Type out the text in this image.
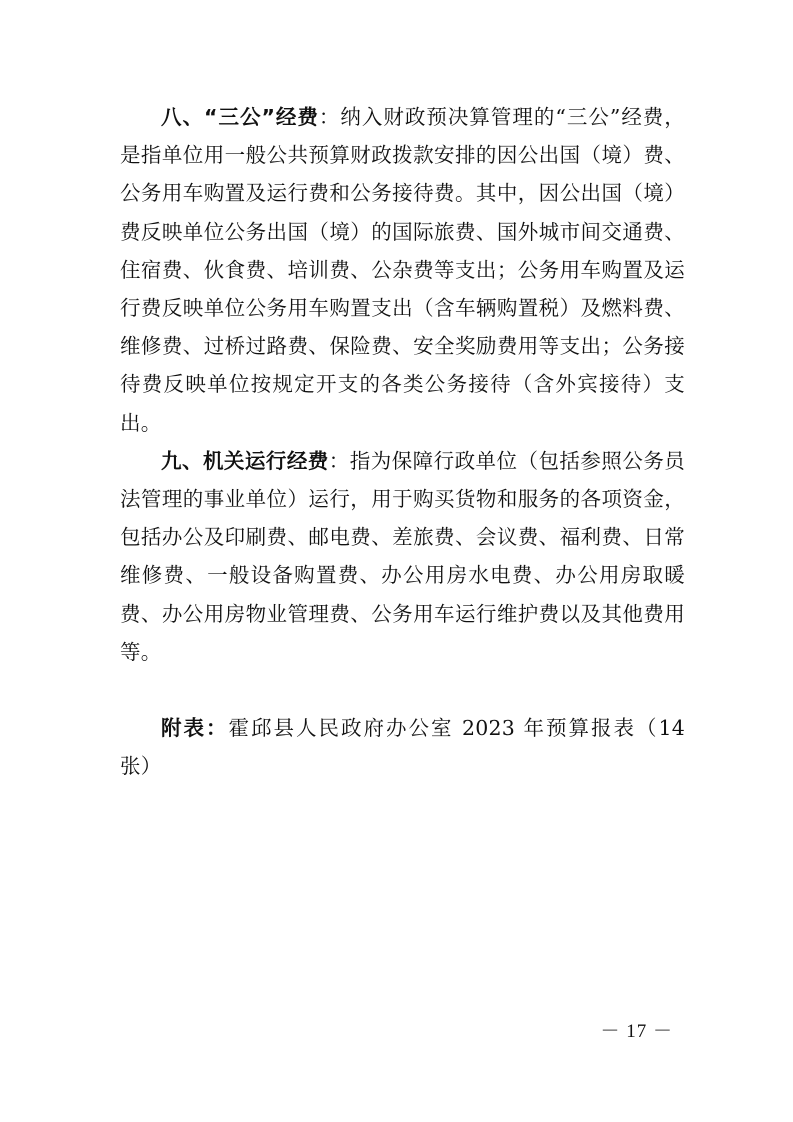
八、“三公”经费：纳入财政预决算管理的“三公”经费，是指单位用一般公共预算财政拨款安排的因公出国（境）费、公务用车购置及运行费和公务接待费。其中，因公出国（境）费反映单位公务出国（境）的国际旅费、国外城市间交通费、住宿费、伙食费、培训费、公杂费等支出；公务用车购置及运行费反映单位公务用车购置支出（含车辆购置税）及燃料费、维修费、过桥过路费、保险费、安全奖励费用等支出；公务接待费反映单位按规定开支的各类公务接待（含外宾接待）支出。

九、机关运行经费：指为保障行政单位（包括参照公务员法管理的事业单位）运行，用于购买货物和服务的各项资金，包括办公及印刷费、邮电费、差旅费、会议费、福利费、日常维修费、一般设备购置费、办公用房水电费、办公用房取暖费、办公用房物业管理费、公务用车运行维护费以及其他费用等。

附表：霍邱县人民政府办公室 2023 年预算报表（14 张）

－ 17 －
